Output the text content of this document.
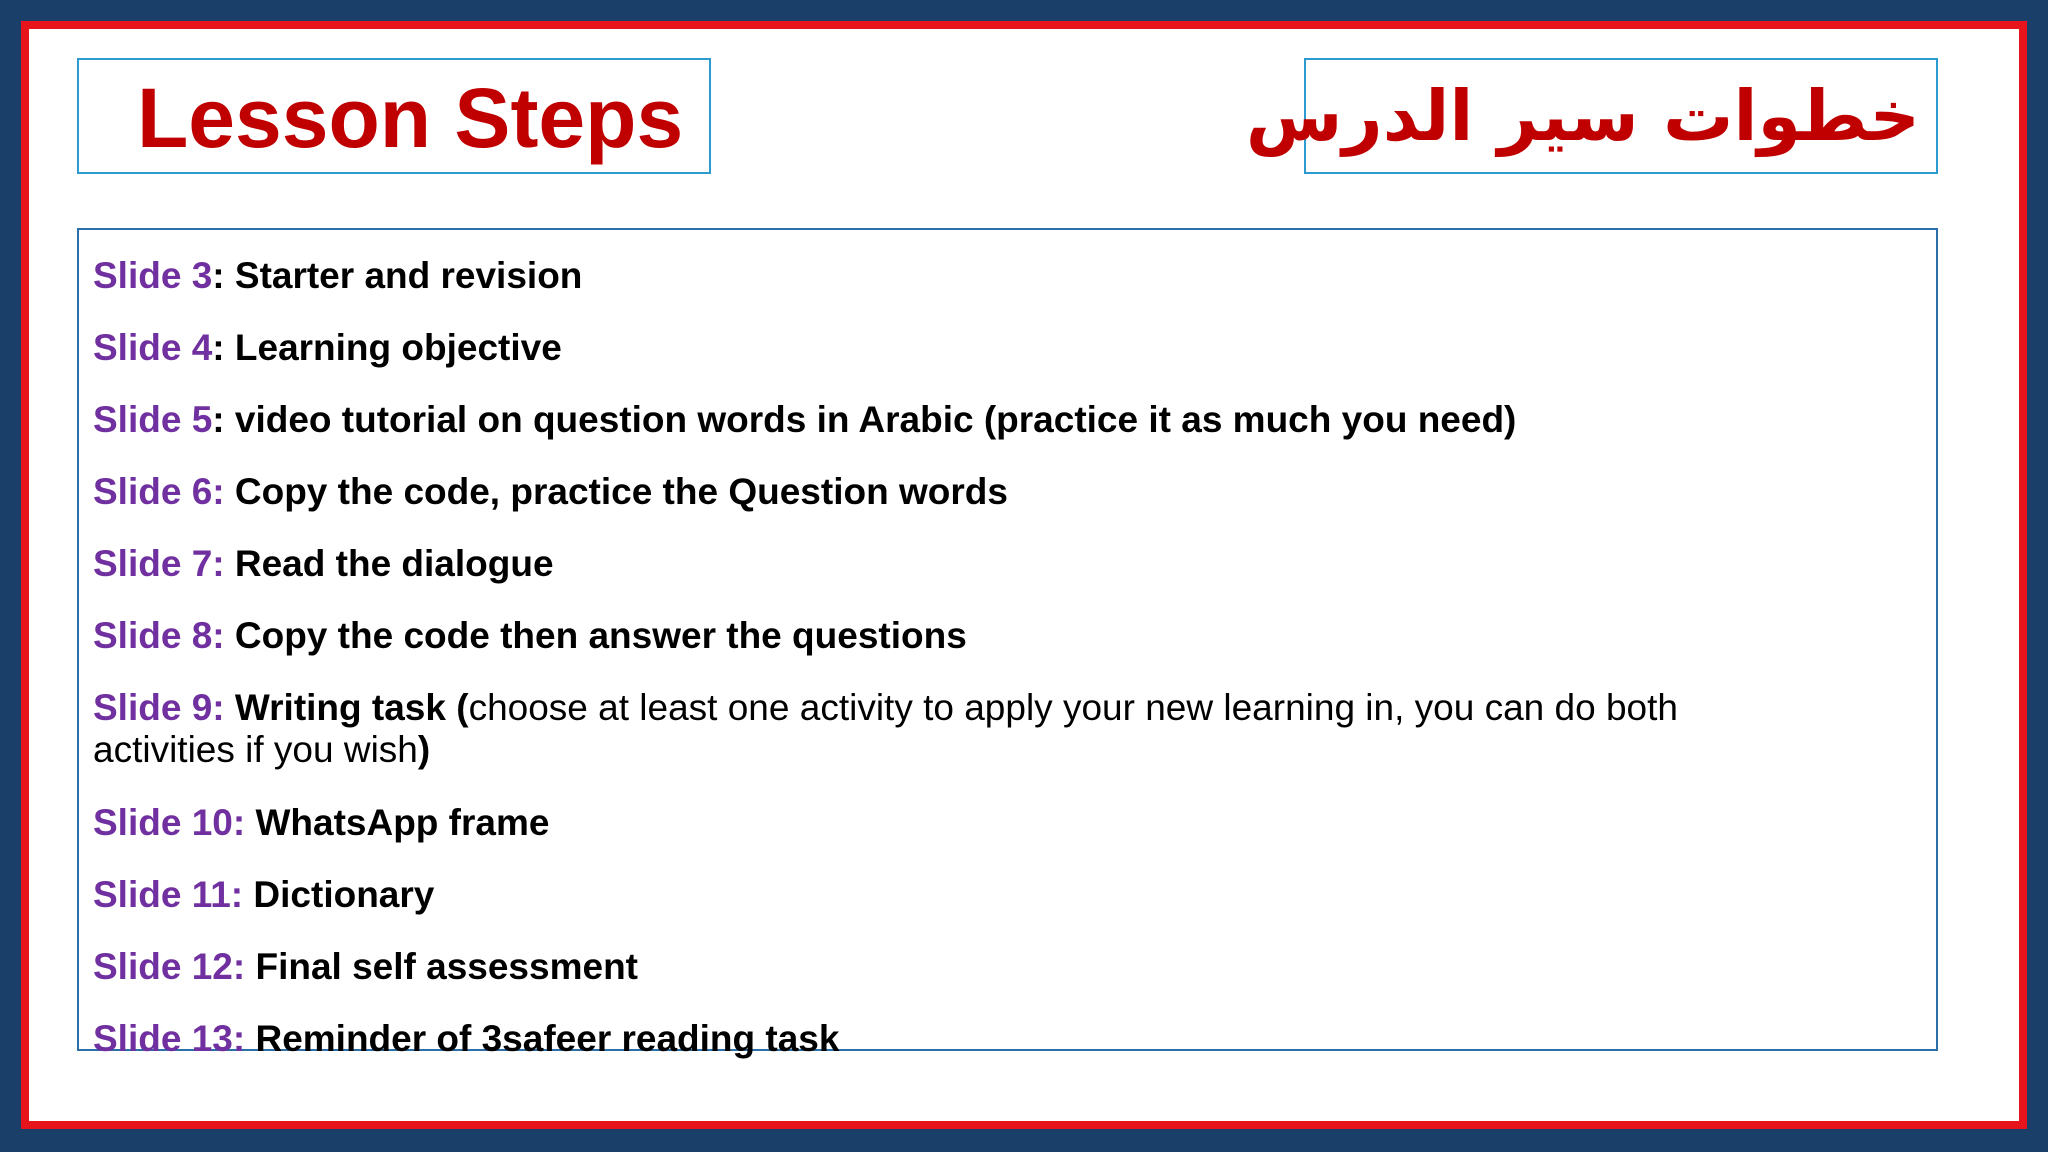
Lesson Steps	خطوات سير الدرس
Slide 3: Starter and revision
Slide 4: Learning objective
Slide 5: video tutorial on question words in Arabic (practice it as much you need)
Slide 6: Copy the code, practice the Question words
Slide 7: Read the dialogue
Slide 8: Copy the code then answer the questions
Slide 9: Writing task (choose at least one activity to apply your new learning in, you can do both activities if you wish)
Slide 10: WhatsApp frame
Slide 11: Dictionary
Slide 12: Final self assessment
Slide 13: Reminder of 3safeer reading task
